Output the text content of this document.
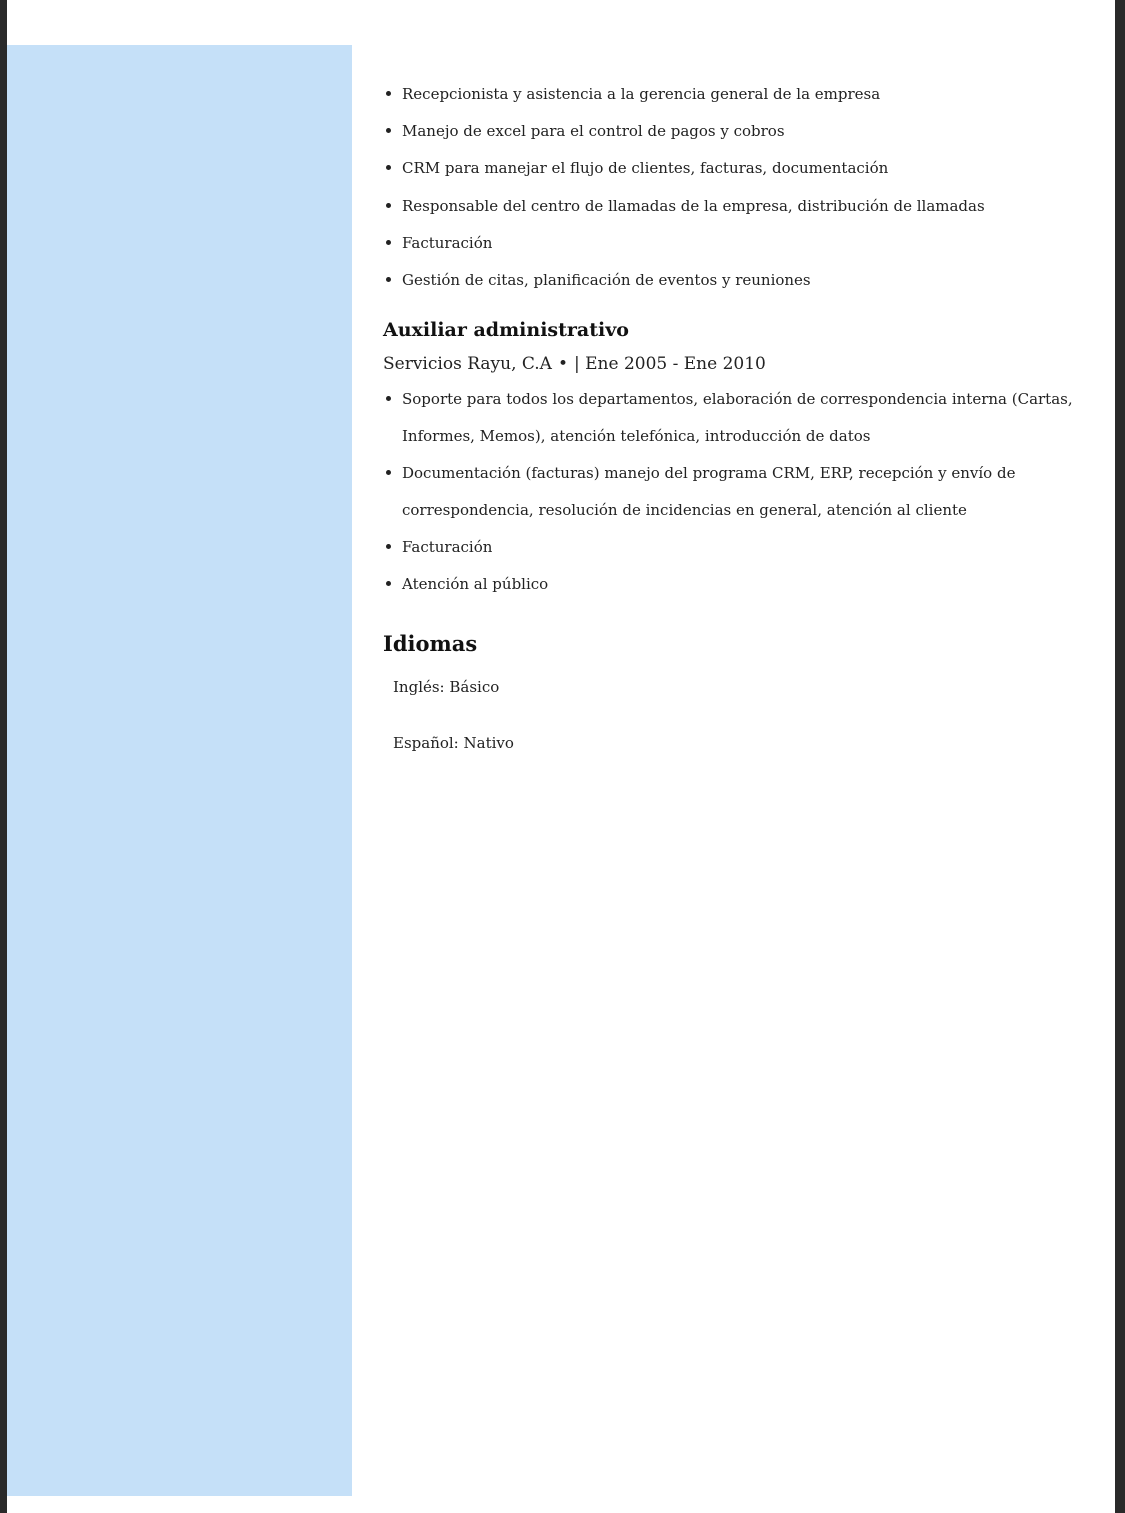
Recepcionista y asistencia a la gerencia general de la empresa
Manejo de excel para el control de pagos y cobros
CRM para manejar el flujo de clientes, facturas, documentación
Responsable del centro de llamadas de la empresa, distribución de llamadas
Facturación
Gestión de citas, planificación de eventos y reuniones
Auxiliar administrativo
Servicios Rayu, C.A • | Ene 2005 - Ene 2010
Soporte para todos los departamentos, elaboración de correspondencia interna (Cartas, Informes, Memos), atención telefónica, introducción de datos
Documentación (facturas) manejo del programa CRM, ERP, recepción y envío de correspondencia, resolución de incidencias en general, atención al cliente
Facturación
Atención al público
Idiomas
Inglés: Básico
Español: Nativo
